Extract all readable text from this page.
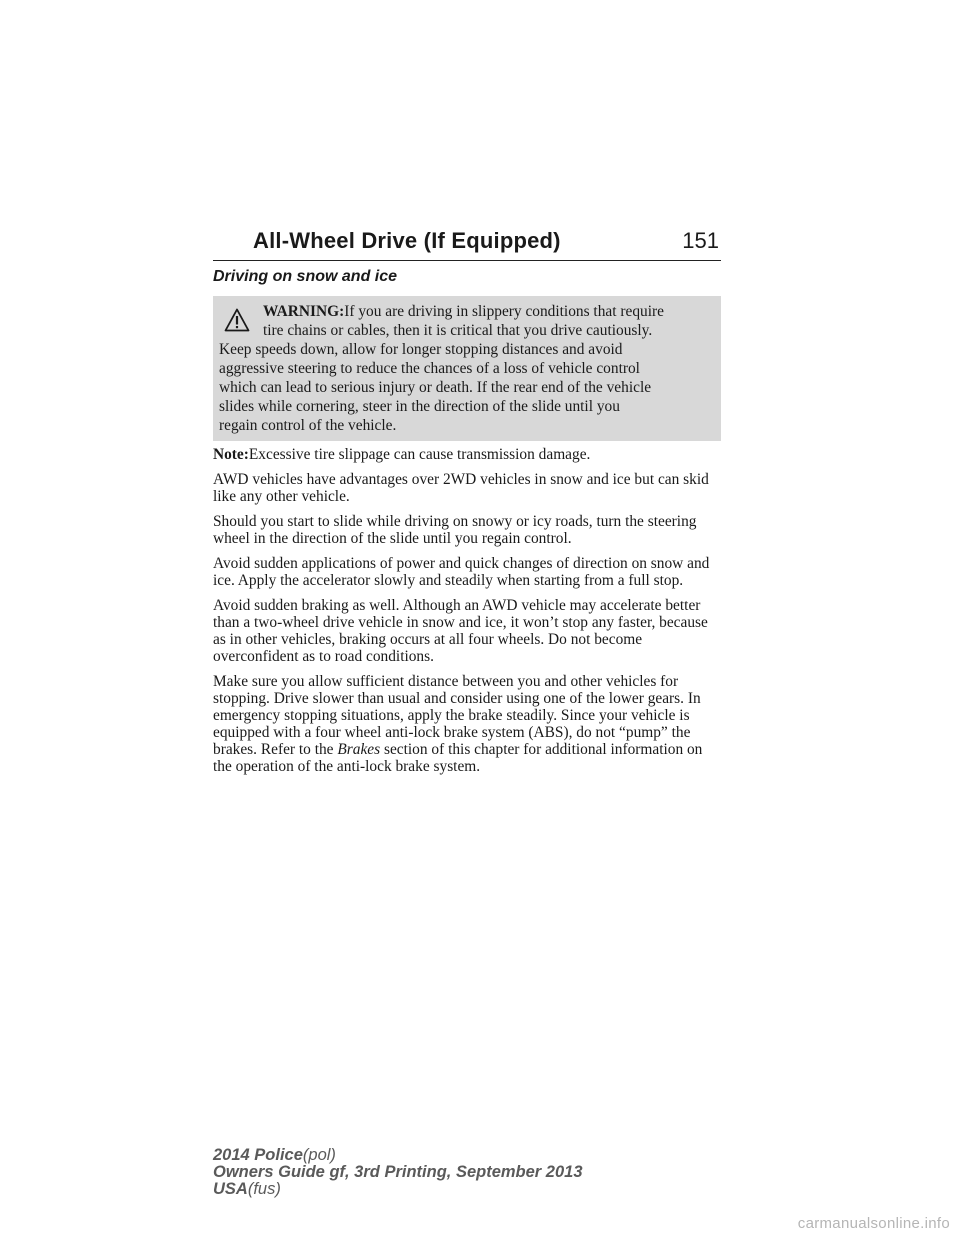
All-Wheel Drive (If Equipped)	151
Driving on snow and ice
WARNING:If you are driving in slippery conditions that require
tire chains or cables, then it is critical that you drive cautiously.
Keep speeds down, allow for longer stopping distances and avoid
aggressive steering to reduce the chances of a loss of vehicle control
which can lead to serious injury or death. If the rear end of the vehicle
slides while cornering, steer in the direction of the slide until you
regain control of the vehicle.

Note:Excessive tire slippage can cause transmission damage.

AWD vehicles have advantages over 2WD vehicles in snow and ice but can skid like any other vehicle.

Should you start to slide while driving on snowy or icy roads, turn the steering wheel in the direction of the slide until you regain control.

Avoid sudden applications of power and quick changes of direction on snow and ice. Apply the accelerator slowly and steadily when starting from a full stop.

Avoid sudden braking as well. Although an AWD vehicle may accelerate better than a two-wheel drive vehicle in snow and ice, it won’t stop any faster, because as in other vehicles, braking occurs at all four wheels. Do not become overconfident as to road conditions.

Make sure you allow sufficient distance between you and other vehicles for stopping. Drive slower than usual and consider using one of the lower gears. In emergency stopping situations, apply the brake steadily. Since your vehicle is equipped with a four wheel anti-lock brake system (ABS), do not “pump” the brakes. Refer to the Brakes section of this chapter for additional information on the operation of the anti-lock brake system.

2014 Police(pol)
Owners Guide gf, 3rd Printing, September 2013
USA(fus)
carmanualsonline.info
